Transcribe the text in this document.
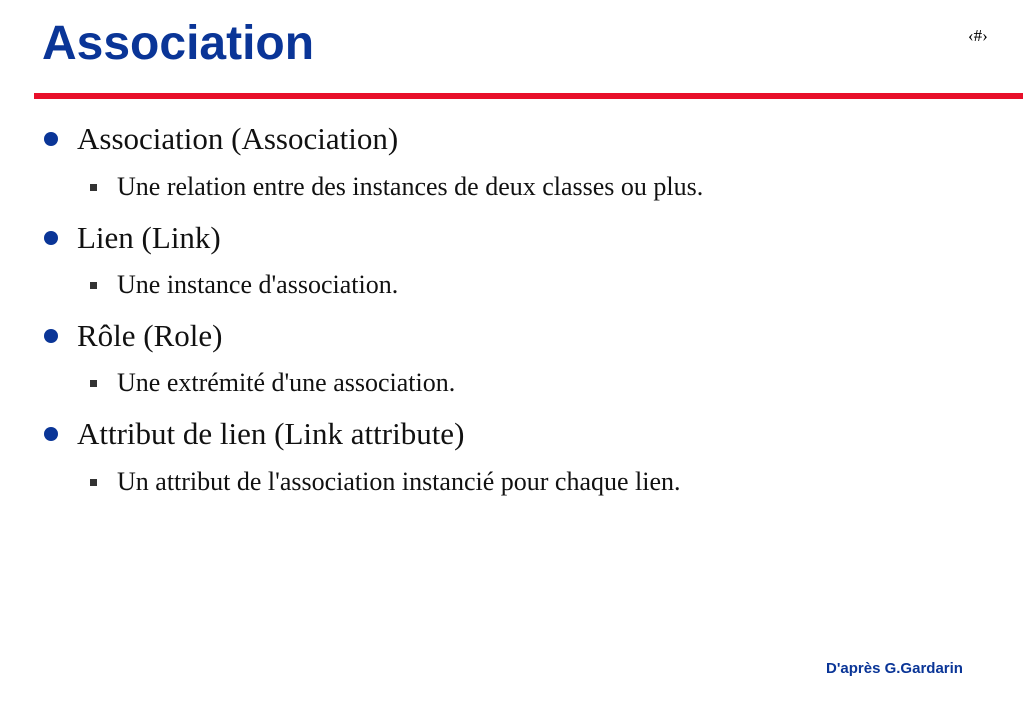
Association	‹#›
Association (Association)
Une relation entre des instances de deux classes ou plus.
Lien (Link)
Une instance d'association.
Rôle (Role)
Une extrémité d'une association.
Attribut de lien (Link attribute)
Un attribut de l'association instancié pour chaque lien.
D'après G.Gardarin
